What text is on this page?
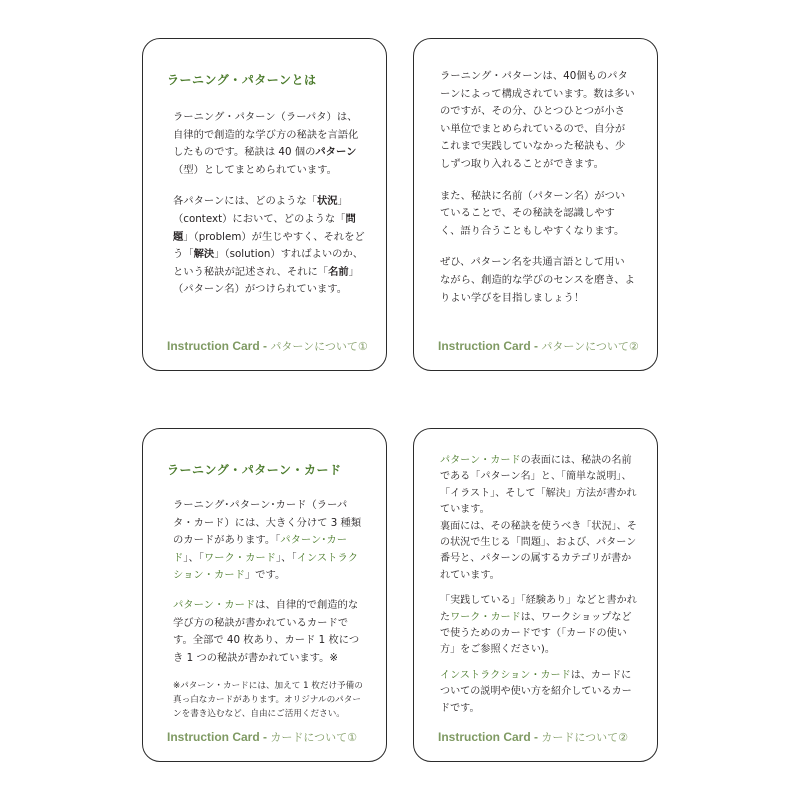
ラーニング・パターンとは

ラーニング・パターン（ラーパタ）は、自律的で創造的な学び方の秘訣を言語化したものです。秘訣は 40 個のパターン（型）としてまとめられています。

各パターンには、どのような「状況」（context）において、どのような「問題」（problem）が生じやすく、それをどう「解決」（solution）すればよいのか、という秘訣が記述され、それに「名前」（パターン名）がつけられています。

Instruction Card - パターンについて①

ラーニング・パターンは、40個ものパターンによって構成されています。数は多いのですが、その分、ひとつひとつが小さい単位でまとめられているので、自分がこれまで実践していなかった秘訣も、少しずつ取り入れることができます。

また、秘訣に名前（パターン名）がついていることで、その秘訣を認識しやすく、語り合うこともしやすくなります。

ぜひ、パターン名を共通言語として用いながら、創造的な学びのセンスを磨き、よりよい学びを目指しましょう！

Instruction Card - パターンについて②
ラーニング・パターン・カード

ラーニング･パターン･カード（ラーパタ・カード）には、大きく分けて 3 種類のカードがあります。「パターン･カード」、「ワーク・カード」、「インストラクション・カード」です。

パターン・カードは、自律的で創造的な学び方の秘訣が書かれているカードです。全部で 40 枚あり、カード 1 枚につき 1 つの秘訣が書かれています。※

※パターン・カードには、加えて 1 枚だけ予備の真っ白なカードがあります。オリジナルのパターンを書き込むなど、自由にご活用ください。
Instruction Card - カードについて①

パターン・カードの表面には、秘訣の名前である「パターン名」と、「簡単な説明」、「イラスト」、そして「解決」方法が書かれています。
裏面には、その秘訣を使うべき「状況」、その状況で生じる「問題」、および、パターン番号と、パターンの属するカテゴリが書かれています。

「実践している」「経験あり」などと書かれたワーク・カードは、ワークショップなどで使うためのカードです（「カードの使い方」をご参照ください)。

インストラクション・カードは、カードについての説明や使い方を紹介しているカードです。

Instruction Card - カードについて②
